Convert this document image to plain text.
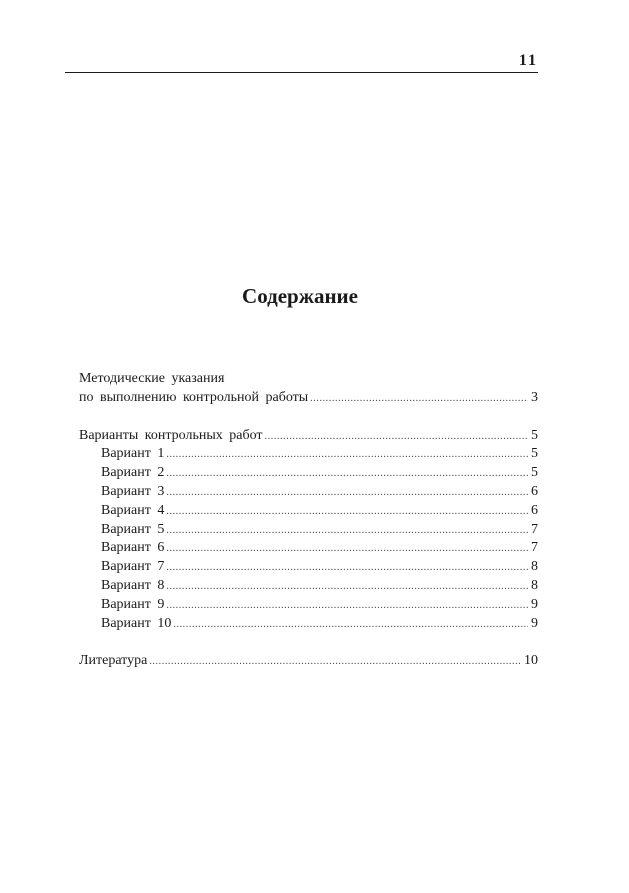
11
Содержание
Методические указания
по выполнению контрольной работы .....	3
Варианты контрольных работ .....	5
Вариант 1 .....	5
Вариант 2 .....	5
Вариант 3 .....	6
Вариант 4 .....	6
Вариант 5 .....	7
Вариант 6 .....	7
Вариант 7 .....	8
Вариант 8 .....	8
Вариант 9 .....	9
Вариант 10 .....	9
Литература .....	10
